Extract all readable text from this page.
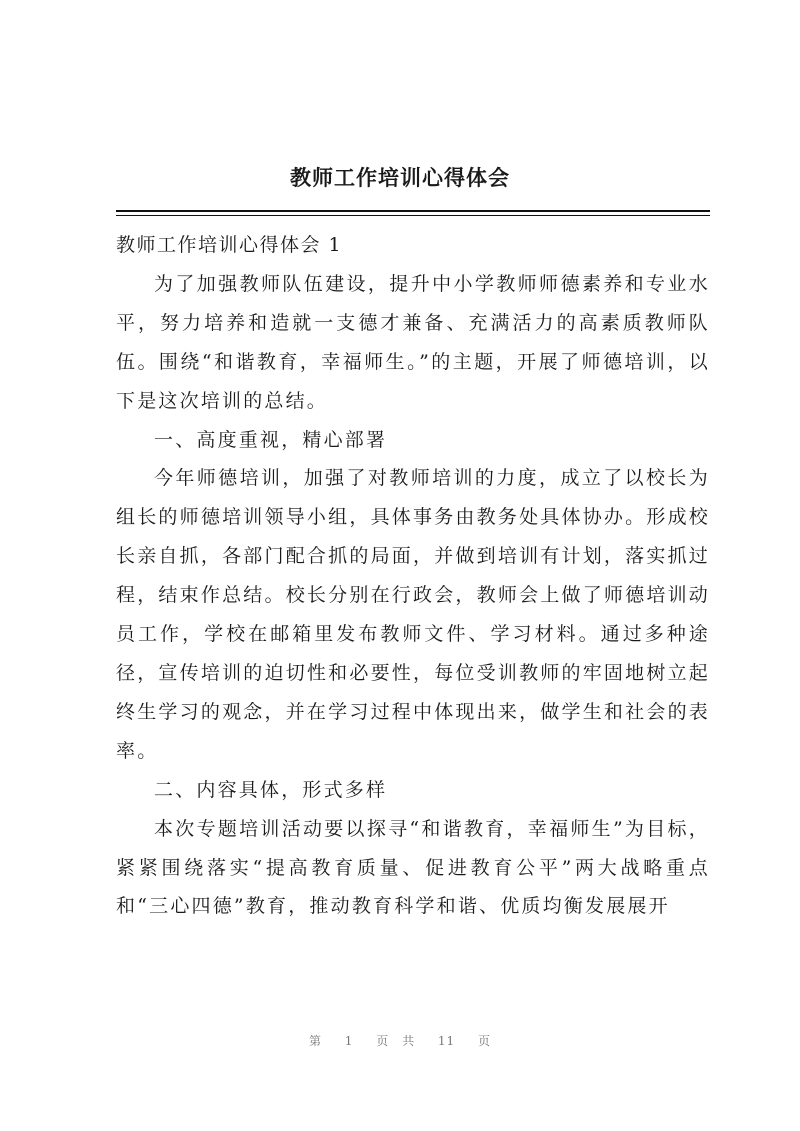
教师工作培训心得体会

教师工作培训心得体会 1

为了加强教师队伍建设，提升中小学教师师德素养和专业水平，努力培养和造就一支德才兼备、充满活力的高素质教师队伍。围绕“和谐教育，幸福师生。”的主题，开展了师德培训，以下是这次培训的总结。

一、高度重视，精心部署

今年师德培训，加强了对教师培训的力度，成立了以校长为组长的师德培训领导小组，具体事务由教务处具体协办。形成校长亲自抓，各部门配合抓的局面，并做到培训有计划，落实抓过程，结束作总结。校长分别在行政会，教师会上做了师德培训动员工作，学校在邮箱里发布教师文件、学习材料。通过多种途径，宣传培训的迫切性和必要性，每位受训教师的牢固地树立起终生学习的观念，并在学习过程中体现出来，做学生和社会的表率。

二、内容具体，形式多样

本次专题培训活动要以探寻“和谐教育，幸福师生”为目标，紧紧围绕落实“提高教育质量、促进教育公平”两大战略重点和“三心四德”教育，推动教育科学和谐、优质均衡发展展开

第 1 页 共 11 页
